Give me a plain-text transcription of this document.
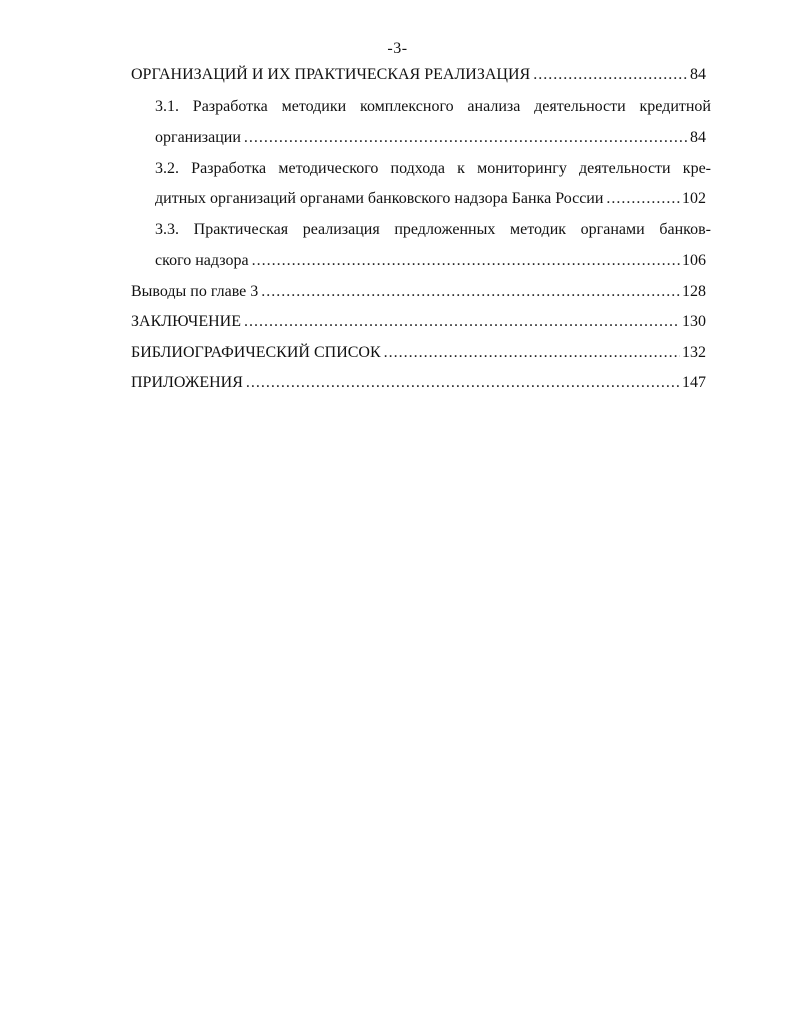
-3-
ОРГАНИЗАЦИЙ И ИХ ПРАКТИЧЕСКАЯ РЕАЛИЗАЦИЯ .....	84
3.1. Разработка методики комплексного анализа деятельности кредитной
организации .....	84
3.2. Разработка методического подхода к мониторингу деятельности кре-
дитных организаций органами банковского надзора Банка России .....	102
3.3. Практическая реализация предложенных методик органами банков-
ского надзора .....	106
Выводы по главе 3 .....	128
ЗАКЛЮЧЕНИЕ .....	130
БИБЛИОГРАФИЧЕСКИЙ СПИСОК .....	132
ПРИЛОЖЕНИЯ .....	147
